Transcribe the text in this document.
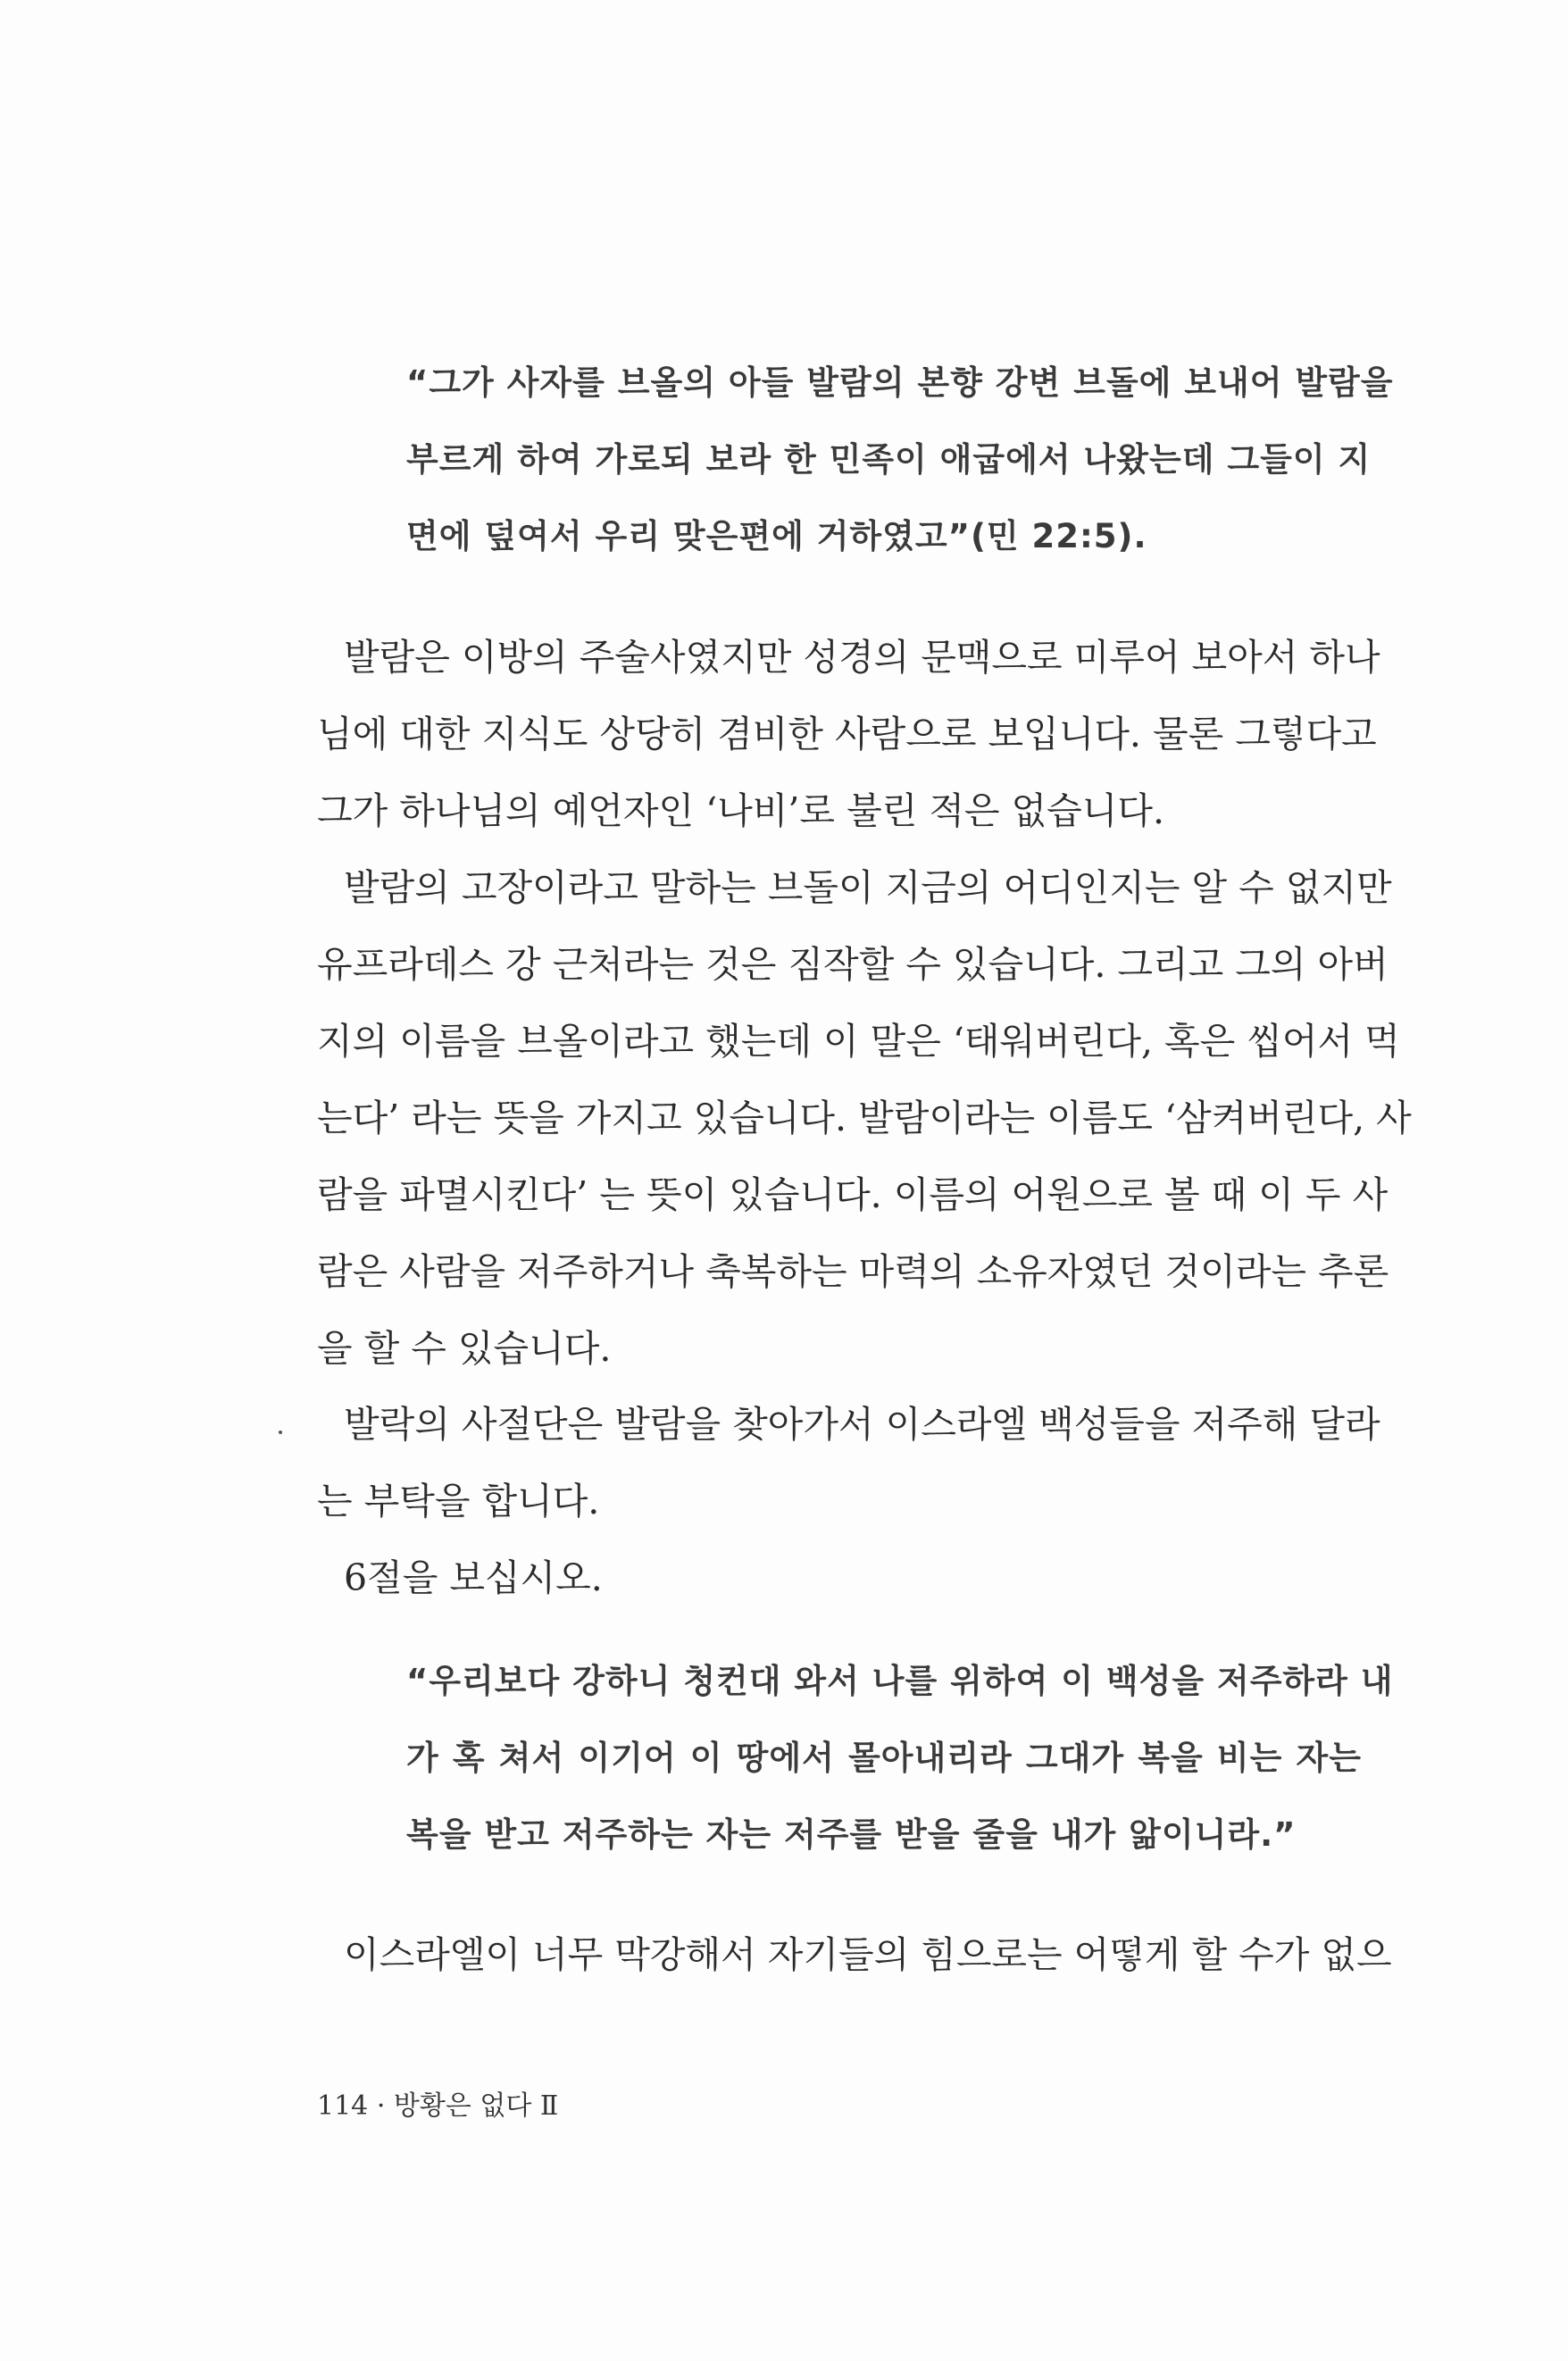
“그가 사자를 브올의 아들 발람의 본향 강변 브돌에 보내어 발람을
부르게 하여 가로되 보라 한 민족이 애굽에서 나왔는데 그들이 지
면에 덮여서 우리 맞은편에 거하였고”(민 22:5).
발람은 이방의 주술사였지만 성경의 문맥으로 미루어 보아서 하나
님에 대한 지식도 상당히 겸비한 사람으로 보입니다. 물론 그렇다고
그가 하나님의 예언자인 ‘나비’로 불린 적은 없습니다.
발람의 고장이라고 말하는 브돌이 지금의 어디인지는 알 수 없지만
유프라데스 강 근처라는 것은 짐작할 수 있습니다. 그리고 그의 아버
지의 이름을 브올이라고 했는데 이 말은 ‘태워버린다, 혹은 씹어서 먹
는다’ 라는 뜻을 가지고 있습니다. 발람이라는 이름도 ‘삼켜버린다, 사
람을 파멸시킨다’ 는 뜻이 있습니다. 이름의 어원으로 볼 때 이 두 사
람은 사람을 저주하거나 축복하는 마력의 소유자였던 것이라는 추론
을 할 수 있습니다.
발락의 사절단은 발람을 찾아가서 이스라엘 백성들을 저주해 달라
는 부탁을 합니다.
6절을 보십시오.
“우리보다 강하니 청컨대 와서 나를 위하여 이 백성을 저주하라 내
가 혹 쳐서 이기어 이 땅에서 몰아내리라 그대가 복을 비는 자는
복을 받고 저주하는 자는 저주를 받을 줄을 내가 앎이니라.”
이스라엘이 너무 막강해서 자기들의 힘으로는 어떻게 할 수가 없으
114 · 방황은 없다 Ⅱ
